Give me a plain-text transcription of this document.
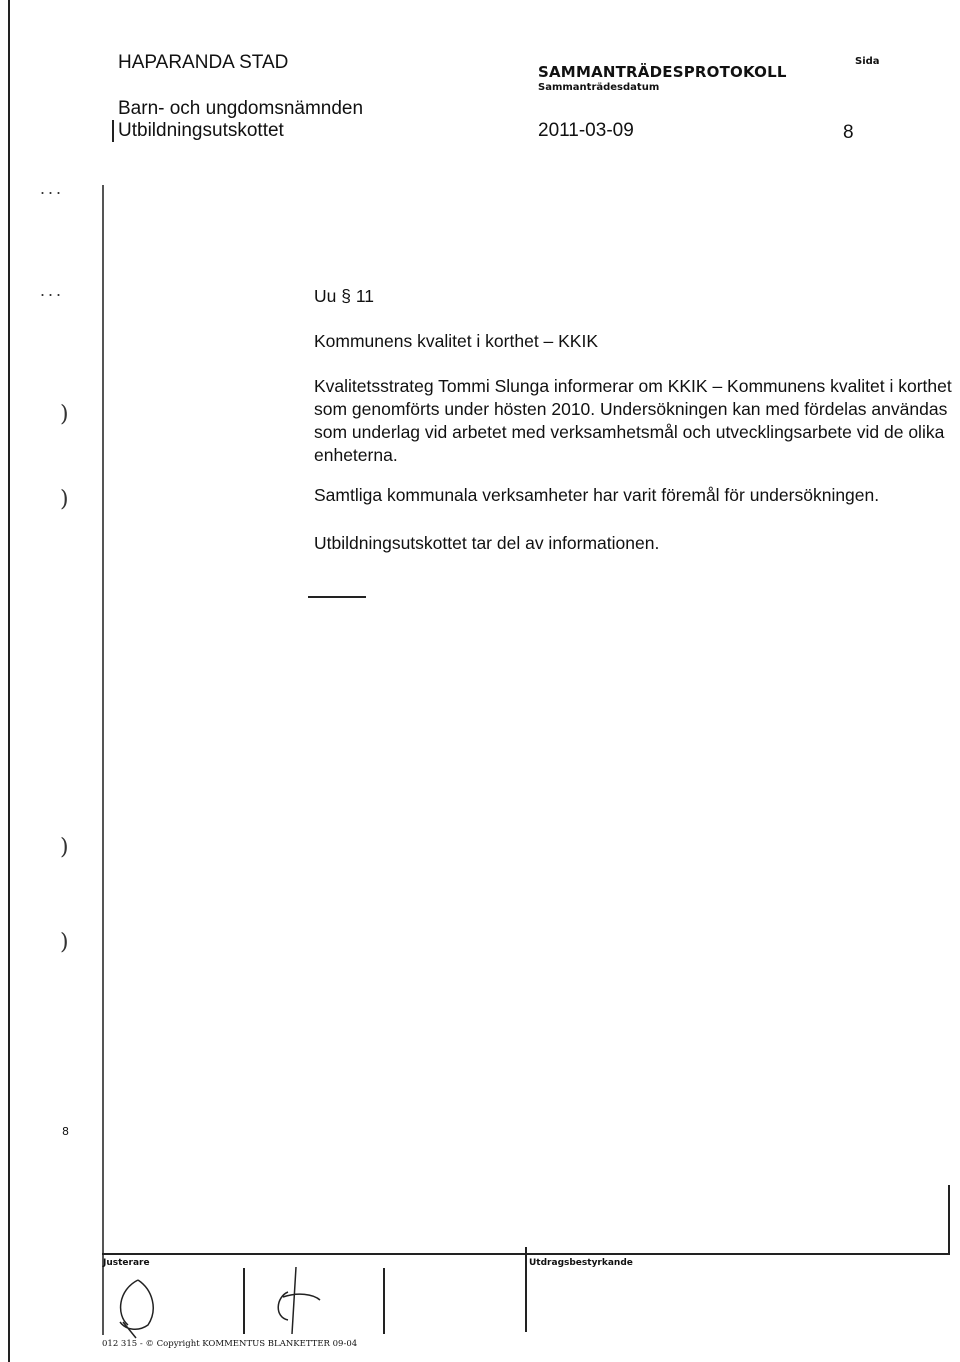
HAPARANDA STAD
Barn- och ungdomsnämnden
Utbildningsutskottet
SAMMANTRÄDESPROTOKOLL
Sammanträdesdatum
2011-03-09
Sida
8
...
...
)
)
)
)
8
Uu § 11
Kommunens kvalitet i korthet – KKIK
Kvalitetsstrateg Tommi Slunga informerar om KKIK – Kommunens kvalitet i korthet som genomförts under hösten 2010. Undersökningen kan med fördelas användas som underlag vid arbetet med verksamhetsmål och utvecklingsarbete vid de olika enheterna.
Samtliga kommunala verksamheter har varit föremål för undersökningen.
Utbildningsutskottet tar del av informationen.
Justerare	Utdragsbestyrkande
012 315 - © Copyright KOMMENTUS BLANKETTER 09-04
